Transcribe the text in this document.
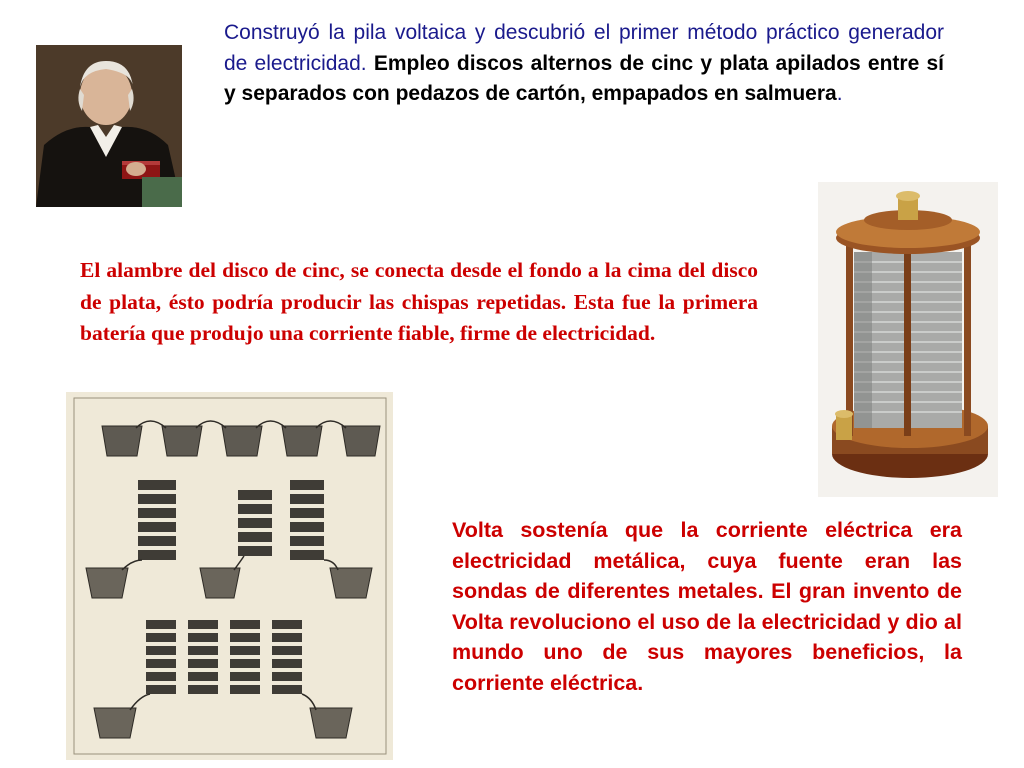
Construyó la pila voltaica y descubrió el primer método práctico generador de electricidad. Empleo discos alternos de cinc y plata apilados entre sí y separados con pedazos de cartón, empapados en salmuera.

El alambre del disco de cinc, se conecta desde el fondo a la cima del disco de plata, ésto podría producir las chispas repetidas. Esta fue la primera batería que produjo una corriente fiable, firme de electricidad.

Volta sostenía que la corriente eléctrica era electricidad metálica, cuya fuente eran las sondas de diferentes metales. El gran invento de Volta revoluciono el uso de la electricidad y dio al mundo uno de sus mayores beneficios, la corriente eléctrica.
